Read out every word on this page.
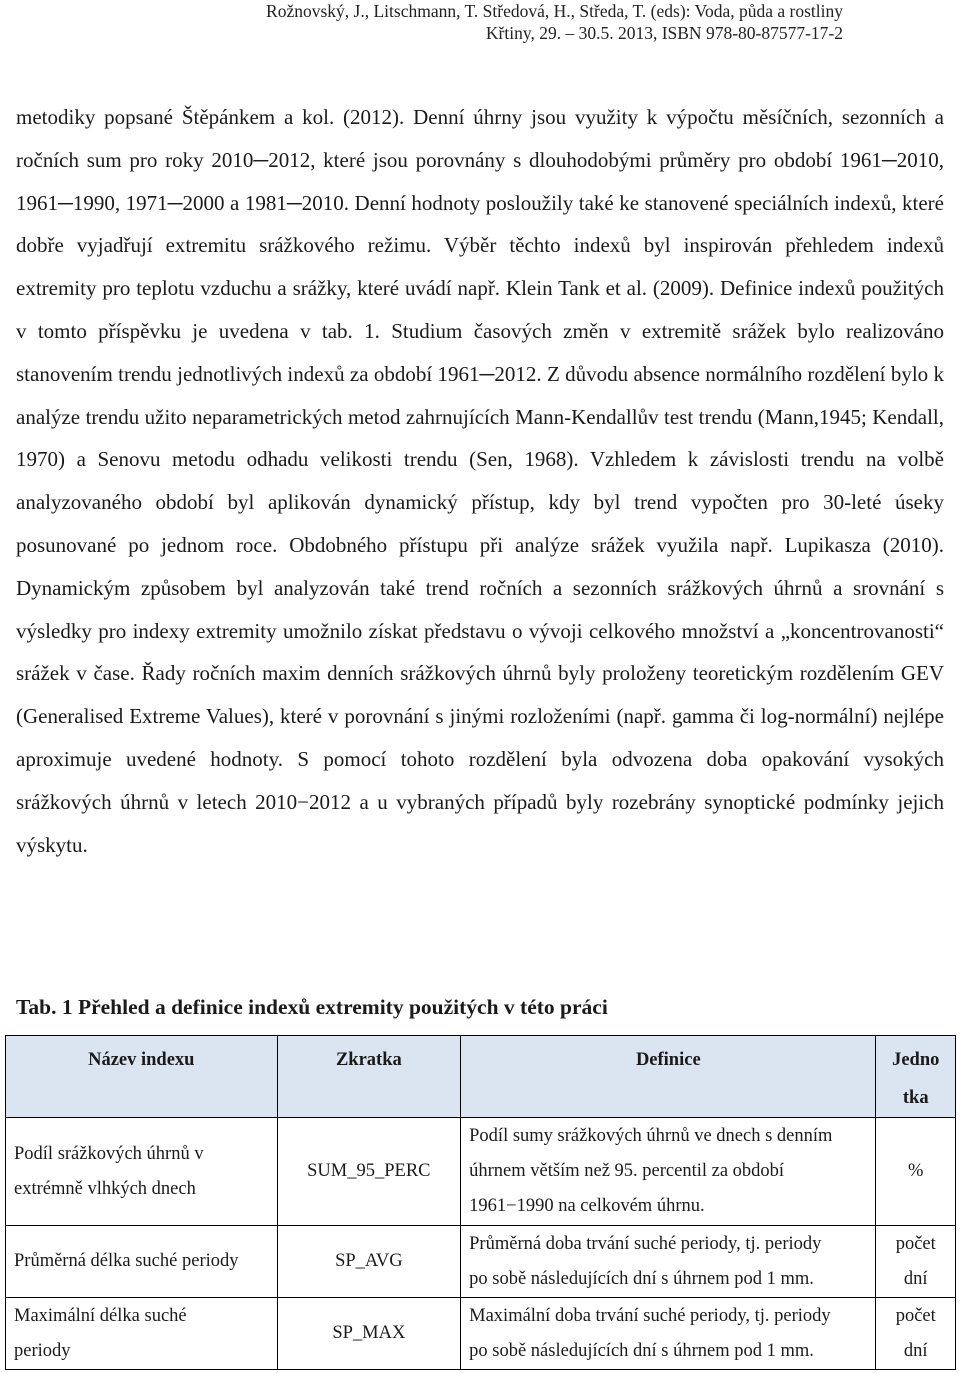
Rožnovský, J., Litschmann, T. Středová, H., Středa, T. (eds): Voda, půda a rostliny
Křtiny, 29. – 30.5. 2013, ISBN 978-80-87577-17-2

metodiky popsané Štěpánkem a kol. (2012). Denní úhrny jsou využity k výpočtu měsíčních, sezonních a ročních sum pro roky 2010─2012, které jsou porovnány s dlouhodobými průměry pro období 1961─2010, 1961─1990, 1971─2000 a 1981─2010. Denní hodnoty posloužily také ke stanovené speciálních indexů, které dobře vyjadřují extremitu srážkového režimu. Výběr těchto indexů byl inspirován přehledem indexů extremity pro teplotu vzduchu a srážky, které uvádí např. Klein Tank et al. (2009). Definice indexů použitých v tomto příspěvku je uvedena v tab. 1. Studium časových změn v extremitě srážek bylo realizováno stanovením trendu jednotlivých indexů za období 1961─2012. Z důvodu absence normálního rozdělení bylo k analýze trendu užito neparametrických metod zahrnujících Mann-Kendallův test trendu (Mann,1945; Kendall, 1970) a Senovu metodu odhadu velikosti trendu (Sen, 1968). Vzhledem k závislosti trendu na volbě analyzovaného období byl aplikován dynamický přístup, kdy byl trend vypočten pro 30-leté úseky posunované po jednom roce. Obdobného přístupu při analýze srážek využila např. Lupikasza (2010). Dynamickým způsobem byl analyzován také trend ročních a sezonních srážkových úhrnů a srovnání s výsledky pro indexy extremity umožnilo získat představu o vývoji celkového množství a „koncentrovanosti“ srážek v čase. Řady ročních maxim denních srážkových úhrnů byly proloženy teoretickým rozdělením GEV (Generalised Extreme Values), které v porovnání s jinými rozloženími (např. gamma či log-normální) nejlépe aproximuje uvedené hodnoty. S pomocí tohoto rozdělení byla odvozena doba opakování vysokých srážkových úhrnů v letech 2010−2012 a u vybraných případů byly rozebrány synoptické podmínky jejich výskytu.

Tab. 1 Přehled a definice indexů extremity použitých v této práci

Název indexu	Zkratka	Definice	Jedno
tka

Podíl srážkových úhrnů v
extrémně vlhkých dnech	SUM_95_PERC	Podíl sumy srážkových úhrnů ve dnech s denním
úhrnem větším než 95. percentil za období
1961−1990 na celkovém úhrnu.	%

Průměrná délka suché periody	SP_AVG	Průměrná doba trvání suché periody, tj. periody
po sobě následujících dní s úhrnem pod 1 mm.	počet
dní

Maximální délka suché
periody	SP_MAX	Maximální doba trvání suché periody, tj. periody
po sobě následujících dní s úhrnem pod 1 mm.	počet
dní
